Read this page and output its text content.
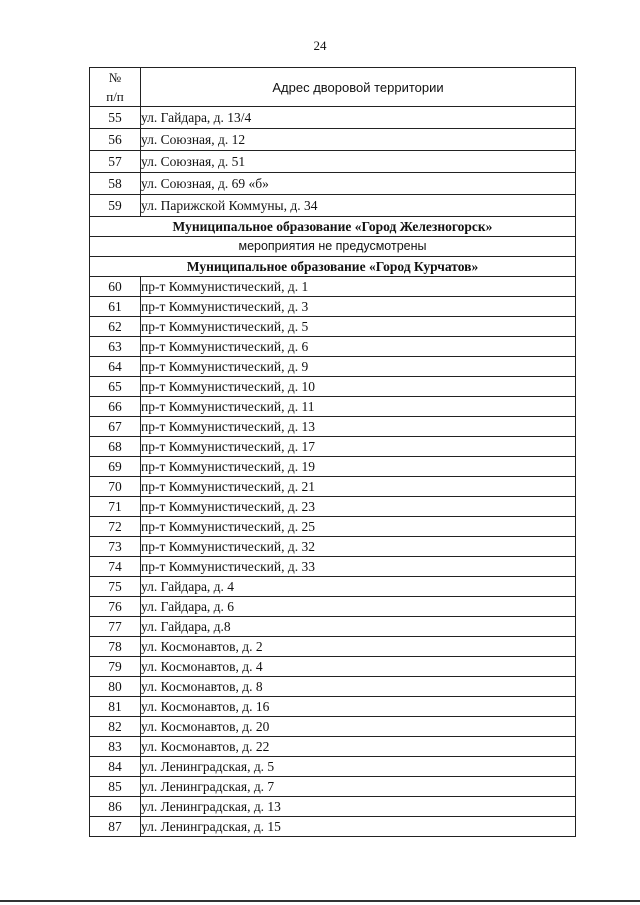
24
№
п/п	Адрес дворовой территории
55	ул. Гайдара, д. 13/4
56	ул. Союзная, д. 12
57	ул. Союзная, д. 51
58	ул. Союзная, д. 69 «б»
59	ул. Парижской Коммуны, д. 34
Муниципальное образование «Город Железногорск»	
мероприятия не предусмотрены	
Муниципальное образование «Город Курчатов»	
60	пр-т Коммунистический, д. 1
61	пр-т Коммунистический, д. 3
62	пр-т Коммунистический, д. 5
63	пр-т Коммунистический, д. 6
64	пр-т Коммунистический, д. 9
65	пр-т Коммунистический, д. 10
66	пр-т Коммунистический, д. 11
67	пр-т Коммунистический, д. 13
68	пр-т Коммунистический, д. 17
69	пр-т Коммунистический, д. 19
70	пр-т Коммунистический, д. 21
71	пр-т Коммунистический, д. 23
72	пр-т Коммунистический, д. 25
73	пр-т Коммунистический, д. 32
74	пр-т Коммунистический, д. 33
75	ул. Гайдара, д. 4
76	ул. Гайдара, д. 6
77	ул. Гайдара, д.8
78	ул. Космонавтов, д. 2
79	ул. Космонавтов, д. 4
80	ул. Космонавтов, д. 8
81	ул. Космонавтов, д. 16
82	ул. Космонавтов, д. 20
83	ул. Космонавтов, д. 22
84	ул. Ленинградская, д. 5
85	ул. Ленинградская, д. 7
86	ул. Ленинградская, д. 13
87	ул. Ленинградская, д. 15
